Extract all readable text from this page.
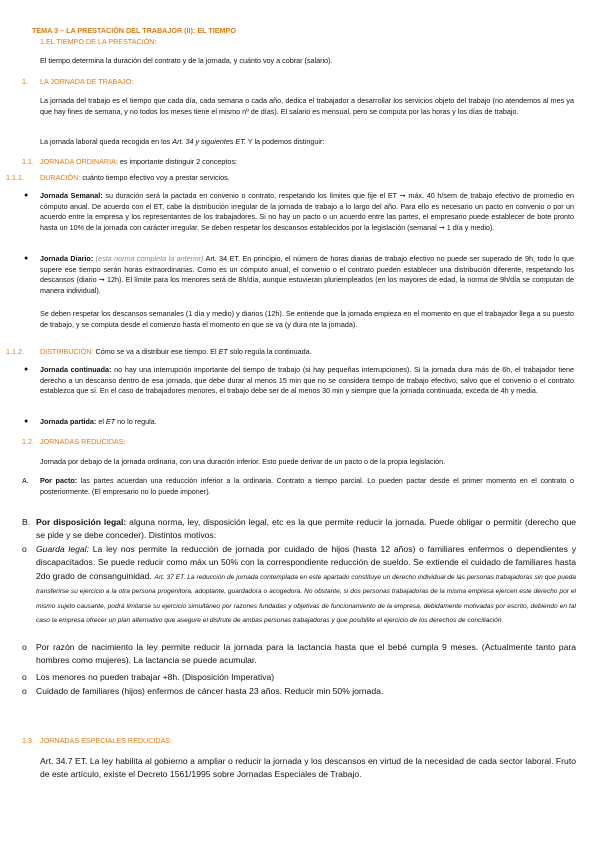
TEMA 3 – LA PRESTACIÓN DEL TRABAJOR (II): EL TIEMPO
1.EL TIEMPO DE LA PRESTACIÓN:
El tiempo determina la duración del contrato y de la jornada, y cuánto voy a cobrar (salario).
1. LA JORNADA DE TRABAJO:
La jornada del trabajo es el tiempo que cada día, cada semana o cada año, dedica el trabajador a desarrollar los servicios objeto del trabajo (no atendemos al mes ya que hay fines de semana, y no todos los meses tiene el mismo nº de días). El salario es mensual, pero se computa por las horas y los días de trabajo.
La jornada laboral queda recogida en los Art. 34 y siguientes ET. Y la podemos distinguir:
1.1. JORNADA ORDINARIA: es importante distinguir 2 conceptos:
1.1.1. DURACIÓN: cuánto tiempo efectivo voy a prestar servicios.
● Jornada Semanal: su duración será la pactada en convenio o contrato, respetando los límites que fije el ET ➞ máx. 40 h/sem de trabajo efectivo de promedio en cómputo anual. De acuerdo con el ET, cabe la distribución irregular de la jornada de trabajo a lo largo del año. Para ello es necesario un pacto en convenio o por un acuerdo entre la empresa y los representantes de los trabajadores. Si no hay un pacto o un acuerdo entre las partes, el empresario puede establecer de bote pronto hasta un 10% de la jornada con carácter irregular. Se deben respetar los descansos establecidos por la legislación (semanal ➞ 1 día y medio).
● Jornada Diario: (esta norma completa la anterior) Art. 34 ET. En principio, el número de horas diarias de trabajo efectivo no puede ser superado de 9h, todo lo que supere ese tiempo serán horas extraordinarias. Como es un cómputo anual, el convenio o el contrato pueden establecer una distribución diferente, respetando los descansos (diario ➞ 12h). El límite para los menores será de 8h/día, aunque estuvieran pluriempleados (en los mayores de edad, la norma de 9h/día se computan de manera individual).
Se deben respetar los descansos semanales (1 día y medio) y diarios (12h). Se entiende que la jornada empieza en el momento en que el trabajador llega a su puesto de trabajo, y se computa desde el comienzo hasta el momento en que se va (y dura nte la jornada).
1.1.2. DISTRIBUCIÓN: Cómo se va a distribuir ese tiempo. El ET solo regula la continuada.
● Jornada continuada: no hay una interrupción importante del tiempo de trabajo (si hay pequeñas interrupciones). Si la jornada dura más de 6h, el trabajador tiene derecho a un descanso dentro de esa jornada, que debe durar al menos 15 min que no se considera tiempo de trabajo efectivo, salvo que el convenio o el contrato establezca que sí. En el caso de trabajadores menores, el trabajo debe ser de al menos 30 min y siempre que la jornada continuada, exceda de 4h y media.
● Jornada partida: el ET no lo regula.
1.2. JORNADAS REDUCIDAS:
Jornada por debajo de la jornada ordinaria, con una duración inferior. Esto puede derivar de un pacto o de la propia legislación.
A. Por pacto: las partes acuerdan una reducción inferior a la ordinaria. Contrato a tiempo parcial. Lo pueden pactar desde el primer momento en el contrato o posteriormente. (El empresario no lo puede imponer).
B. Por disposición legal: alguna norma, ley, disposición legal, etc es la que permite reducir la jornada. Puede obligar o permitir (derecho que se pide y se debe conceder). Distintos motivos:
o Guarda legal: La ley nos permite la reducción de jornada por cuidado de hijos (hasta 12 años) o familiares enfermos o dependientes y discapacitados. Se puede reducir como máx un 50% con la correspondiente reducción de sueldo. Se extiende el cuidado de familiares hasta 2do grado de consanguinidad. Art. 37 ET. La reducción de jornada contemplada en este apartado constituye un derecho individual de las personas trabajadoras sin que pueda transferirse su ejercicio a la otra persona progenitora, adoptante, guardadora o acogedora. No obstante, si dos personas trabajadoras de la misma empresa ejercen este derecho por el mismo sujeto causante, podrá limitarse su ejercicio simultáneo por razones fundadas y objetivas de funcionamiento de la empresa, debidamente motivadas por escrito, debiendo en tal caso la empresa ofrecer un plan alternativo que asegure el disfrute de ambas personas trabajadoras y que posibilite el ejercicio de los derechos de conciliación
o Por razón de nacimiento la ley permite reducir la jornada para la lactancia hasta que el bebé cumpla 9 meses. (Actualmente tanto para hombres como mujeres). La lactancia se puede acumular.
o Los menores no pueden trabajar +8h. (Disposición Imperativa)
o Cuidado de familiares (hijos) enfermos de cáncer hasta 23 años. Reducir min 50% jornada.
1.3. JORNADAS ESPECIALES REDUCIDAS:
Art. 34.7 ET. La ley habilita al gobierno a ampliar o reducir la jornada y los descansos en virtud de la necesidad de cada sector laboral. Fruto de este artículo, existe el Decreto 1561/1995 sobre Jornadas Especiales de Trabajo.
